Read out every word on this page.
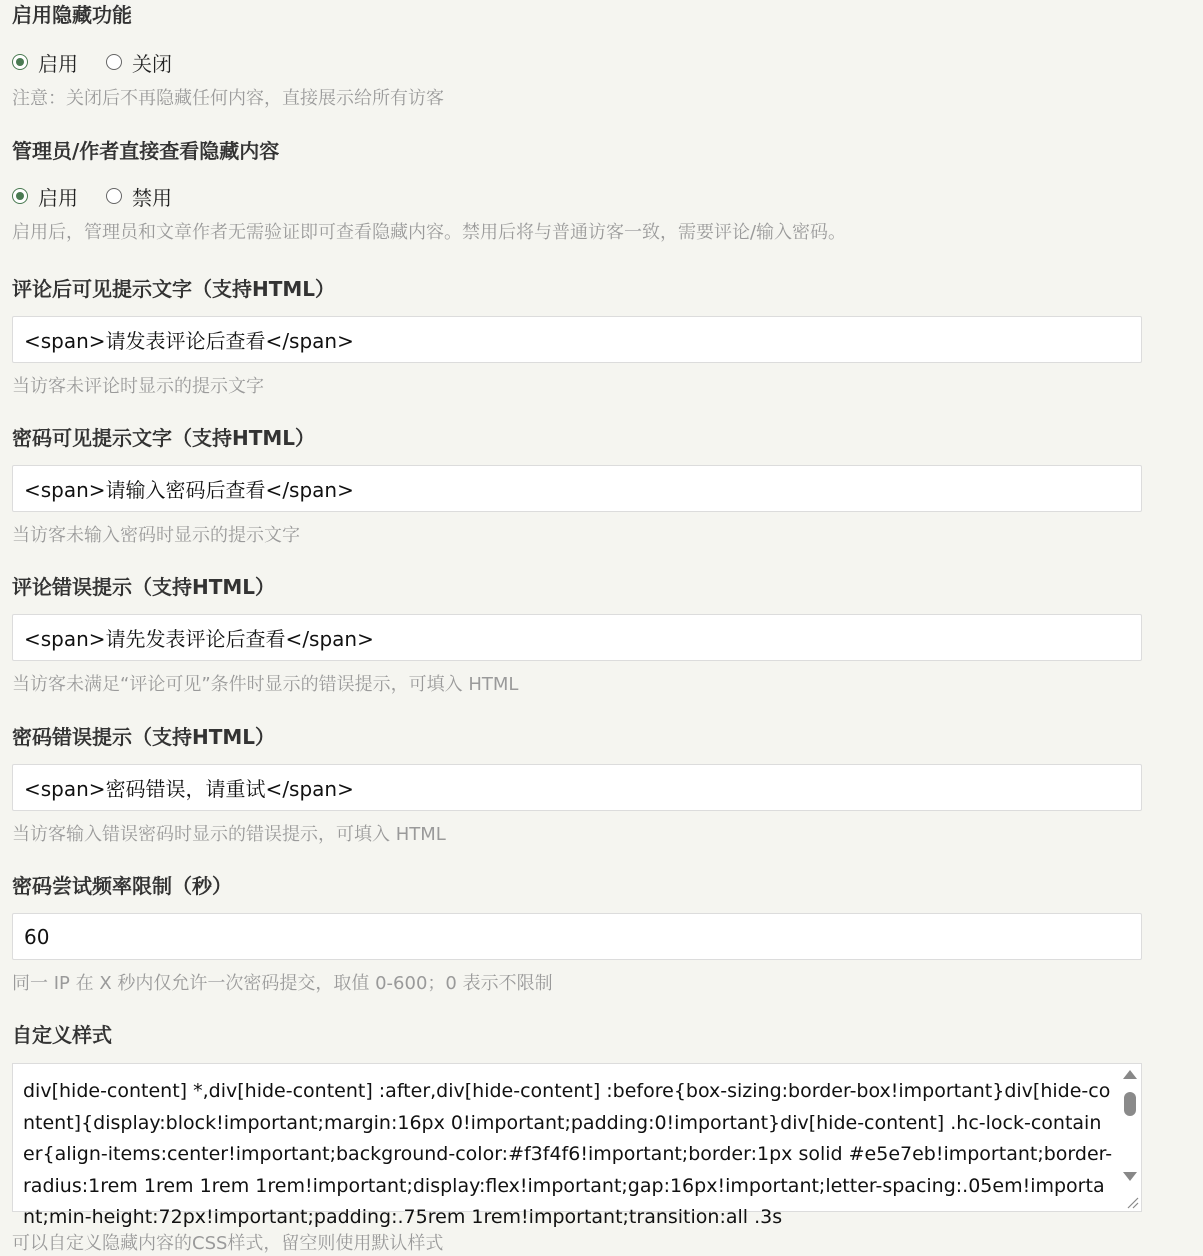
启用隐藏功能
启用	关闭
注意：关闭后不再隐藏任何内容，直接展示给所有访客
管理员/作者直接查看隐藏内容
启用	禁用
启用后，管理员和文章作者无需验证即可查看隐藏内容。禁用后将与普通访客一致，需要评论/输入密码。
评论后可见提示文字（支持HTML）
<span>请发表评论后查看</span>
当访客未评论时显示的提示文字
密码可见提示文字（支持HTML）
<span>请输入密码后查看</span>
当访客未输入密码时显示的提示文字
评论错误提示（支持HTML）
<span>请先发表评论后查看</span>
当访客未满足“评论可见”条件时显示的错误提示，可填入 HTML
密码错误提示（支持HTML）
<span>密码错误，请重试</span>
当访客输入错误密码时显示的错误提示，可填入 HTML
密码尝试频率限制（秒）
60
同一 IP 在 X 秒内仅允许一次密码提交，取值 0-600；0 表示不限制
自定义样式
div[hide-content] *,div[hide-content] :after,div[hide-content] :before{box-sizing:border-box!important}div[hide-content]{display:block!important;margin:16px 0!important;padding:0!important}div[hide-content] .hc-lock-container{align-items:center!important;background-color:#f3f4f6!important;border:1px solid #e5e7eb!important;border-radius:1rem 1rem 1rem 1rem!important;display:flex!important;gap:16px!important;letter-spacing:.05em!important;min-height:72px!important;padding:.75rem 1rem!important;transition:all .3s
可以自定义隐藏内容的CSS样式，留空则使用默认样式
